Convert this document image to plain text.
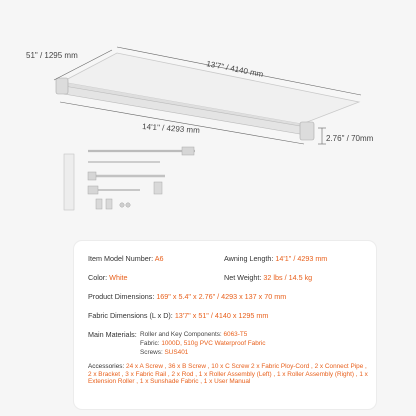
13'7" / 4140 mm
51" / 1295 mm
14'1" / 4293 mm
2.76" / 70mm
Item Model Number: A6	Awning Length: 14'1" / 4293 mm
Color: White	Net Weight: 32 lbs / 14.5 kg
Product Dimensions: 169" x 5.4" x 2.76" / 4293 x 137 x 70 mm
Fabric Dimensions (L x D): 13'7" x 51" / 4140 x 1295 mm
Main Materials: Roller and Key Components: 6063-T5
Fabric: 1000D, 510g PVC Waterproof Fabric
Screws: SUS401
Accessories: 24 x A Screw , 36 x B Screw , 10 x C Screw 2 x Fabric Ploy-Cord , 2 x Connect Pipe , 2 x Bracket , 3 x Fabric Rail , 2 x Rod , 1 x Roller Assembly (Left) , 1 x Roller Assembly (Right) , 1 x Extension Roller , 1 x Sunshade Fabric , 1 x User Manual
